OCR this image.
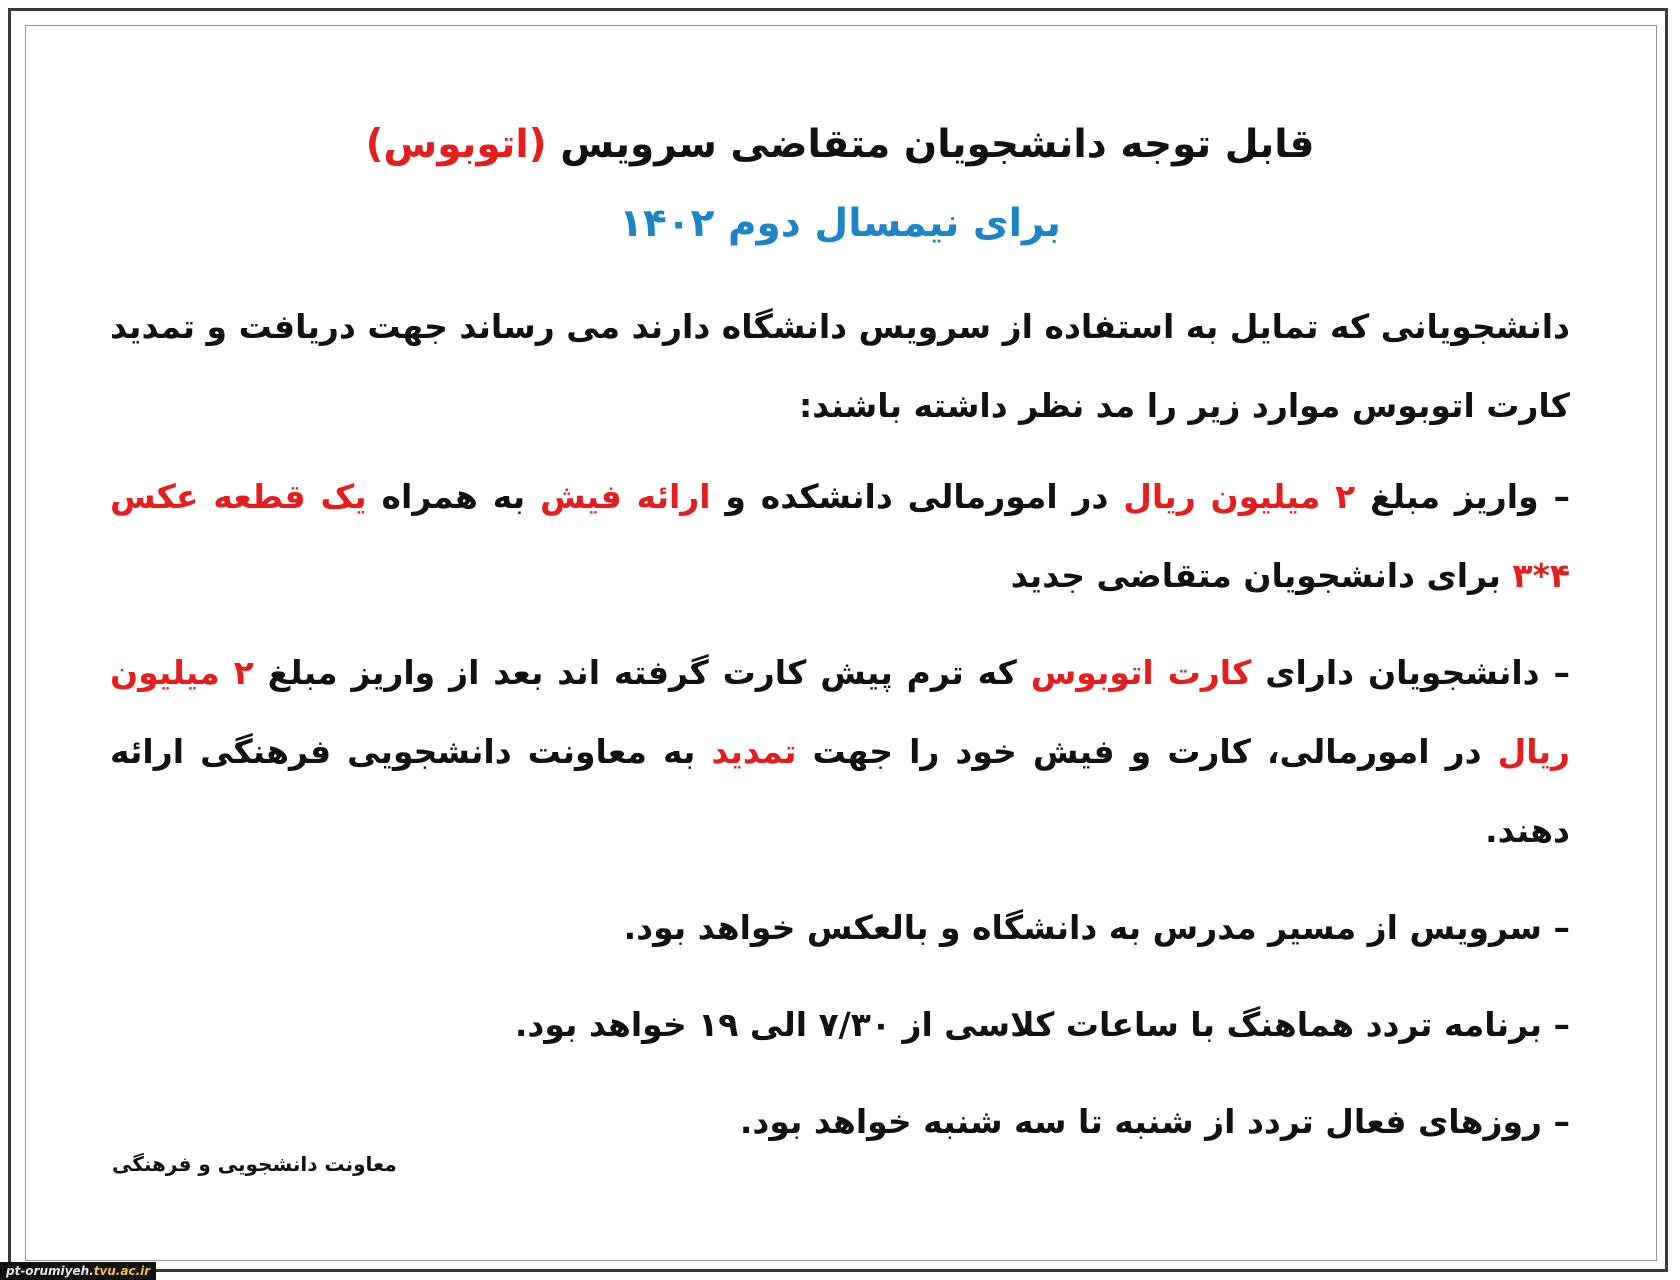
قابل توجه دانشجویان متقاضی سرویس (اتوبوس)
برای نیمسال دوم ۱۴۰۲
دانشجویانی که تمایل به استفاده از سرویس دانشگاه دارند می رساند جهت دریافت و تمدید کارت اتوبوس موارد زیر را مد نظر داشته باشند:
– واریز مبلغ ۲ میلیون ریال در امورمالی دانشکده و ارائه فیش به همراه یک قطعه عکس ۴*۳ برای دانشجویان متقاضی جدید
– دانشجویان دارای کارت اتوبوس که ترم پیش کارت گرفته اند بعد از واریز مبلغ ۲ میلیون ریال در امورمالی، کارت و فیش خود را جهت تمدید به معاونت دانشجویی فرهنگی ارائه دهند.
– سرویس از مسیر مدرس به دانشگاه و بالعکس خواهد بود.
– برنامه تردد هماهنگ با ساعات کلاسی از ۷/۳۰ الی ۱۹ خواهد بود.
– روزهای فعال تردد از شنبه تا سه شنبه خواهد بود.
معاونت دانشجویی و فرهنگی
pt-orumiyeh.tvu.ac.ir
